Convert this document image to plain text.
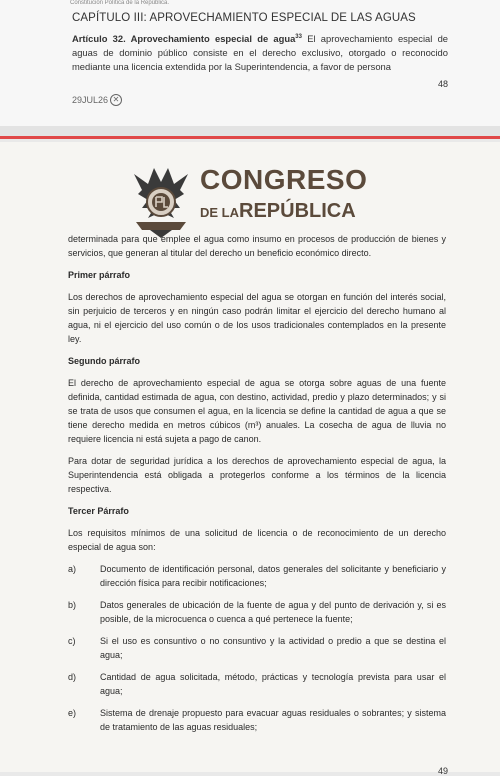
Constitución Política de la República.
CAPÍTULO III: APROVECHAMIENTO ESPECIAL DE LAS AGUAS
Artículo 32. Aprovechamiento especial de agua$^{33}$ El aprovechamiento especial de aguas de dominio público consiste en el derecho exclusivo, otorgado o reconocido mediante una licencia extendida por la Superintendencia, a favor de persona
48
29JUL26 ✕
CONGRESO
DE LAREPÚBLICA

determinada para que emplee el agua como insumo en procesos de producción de bienes y servicios, que generan al titular del derecho un beneficio económico directo.

Primer párrafo

Los derechos de aprovechamiento especial del agua se otorgan en función del interés social, sin perjuicio de terceros y en ningún caso podrán limitar el ejercicio del derecho humano al agua, ni el ejercicio del uso común o de los usos tradicionales contemplados en la presente ley.

Segundo párrafo

El derecho de aprovechamiento especial de agua se otorga sobre aguas de una fuente definida, cantidad estimada de agua, con destino, actividad, predio y plazo determinados; y si se trata de usos que consumen el agua, en la licencia se define la cantidad de agua a que se tiene derecho medida en metros cúbicos (m³) anuales. La cosecha de agua de lluvia no requiere licencia ni está sujeta a pago de canon.

Para dotar de seguridad jurídica a los derechos de aprovechamiento especial de agua, la Superintendencia está obligada a protegerlos conforme a los términos de la licencia respectiva.

Tercer Párrafo

Los requisitos mínimos de una solicitud de licencia o de reconocimiento de un derecho especial de agua son:

a)	Documento de identificación personal, datos generales del solicitante y beneficiario y dirección física para recibir notificaciones;
b)	Datos generales de ubicación de la fuente de agua y del punto de derivación y, si es posible, de la microcuenca o cuenca a qué pertenece la fuente;
c)	Si el uso es consuntivo o no consuntivo y la actividad o predio a que se destina el agua;
d)	Cantidad de agua solicitada, método, prácticas y tecnología prevista para usar el agua;
e)	Sistema de drenaje propuesto para evacuar aguas residuales o sobrantes; y sistema de tratamiento de las aguas residuales;
49
